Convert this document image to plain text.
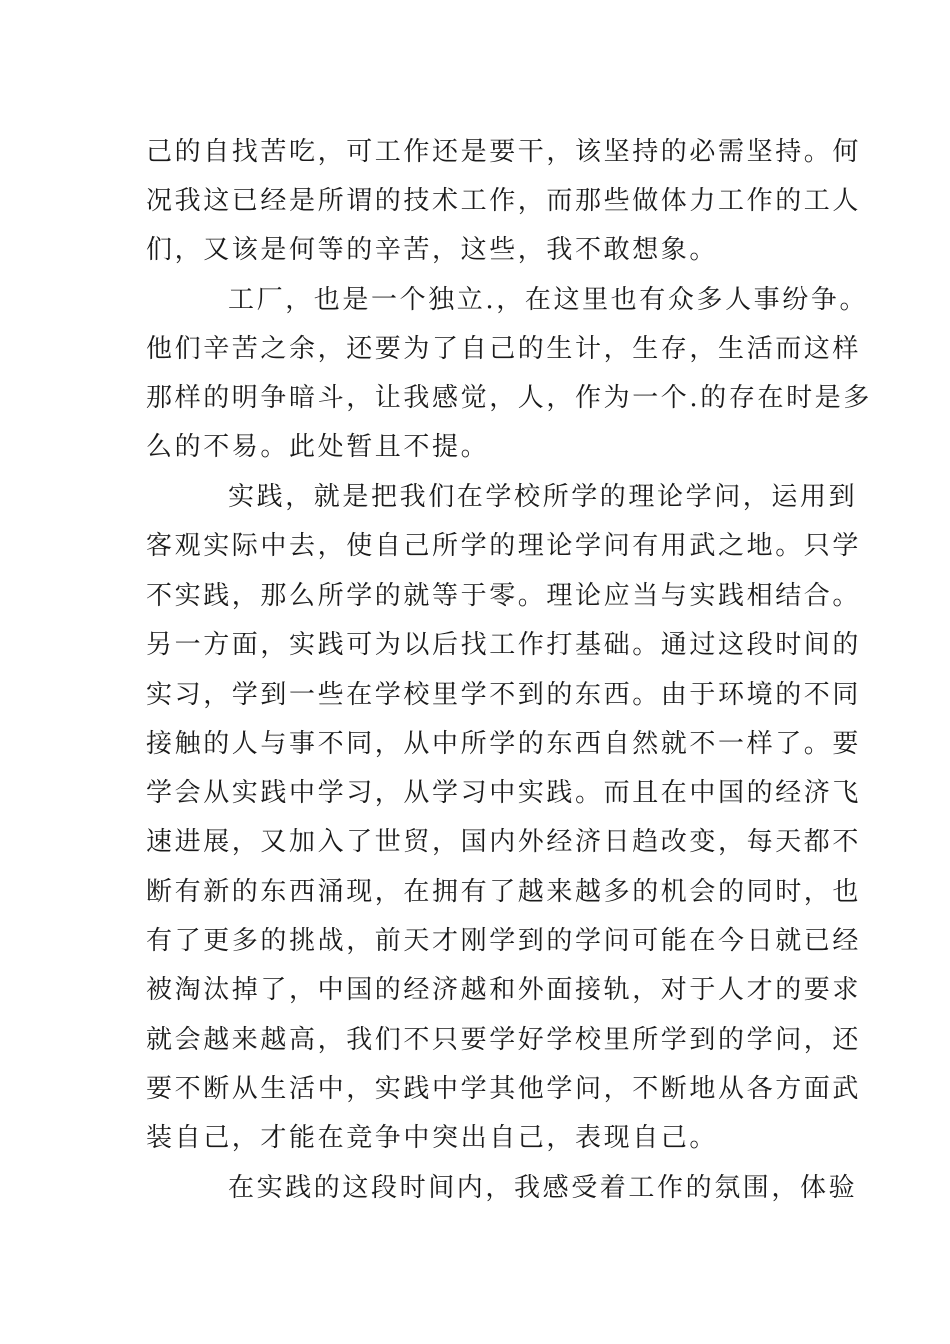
己的自找苦吃，可工作还是要干，该坚持的必需坚持。何
况我这已经是所谓的技术工作，而那些做体力工作的工人
们，又该是何等的辛苦，这些，我不敢想象。
工厂，也是一个独立.，在这里也有众多人事纷争。
他们辛苦之余，还要为了自己的生计，生存，生活而这样
那样的明争暗斗，让我感觉，人，作为一个.的存在时是多
么的不易。此处暂且不提。
实践，就是把我们在学校所学的理论学问，运用到
客观实际中去，使自己所学的理论学问有用武之地。只学
不实践，那么所学的就等于零。理论应当与实践相结合。
另一方面，实践可为以后找工作打基础。通过这段时间的
实习，学到一些在学校里学不到的东西。由于环境的不同
接触的人与事不同，从中所学的东西自然就不一样了。要
学会从实践中学习，从学习中实践。而且在中国的经济飞
速进展，又加入了世贸，国内外经济日趋改变，每天都不
断有新的东西涌现，在拥有了越来越多的机会的同时，也
有了更多的挑战，前天才刚学到的学问可能在今日就已经
被淘汰掉了，中国的经济越和外面接轨，对于人才的要求
就会越来越高，我们不只要学好学校里所学到的学问，还
要不断从生活中，实践中学其他学问，不断地从各方面武
装自己，才能在竞争中突出自己，表现自己。
在实践的这段时间内，我感受着工作的氛围，体验
